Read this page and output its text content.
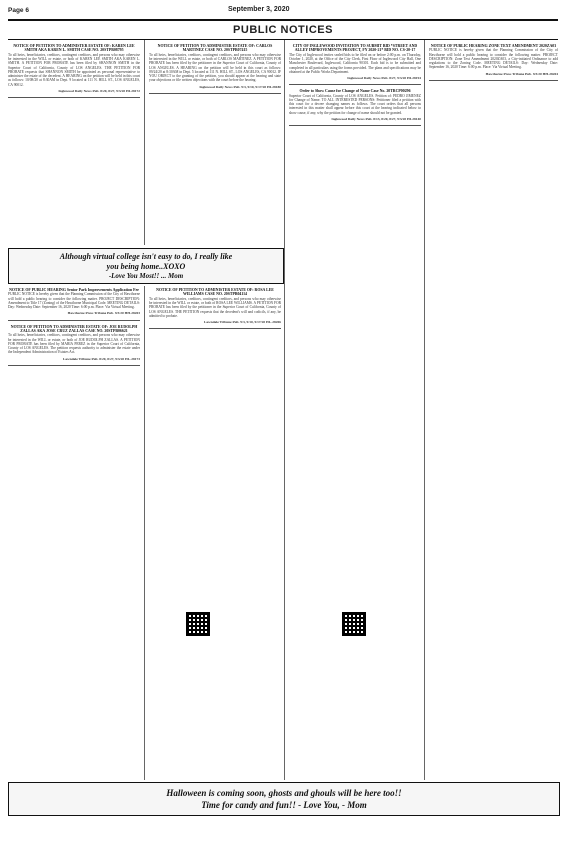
Page 6	September 3, 2020
PUBLIC NOTICES
NOTICE OF PETITION TO ADMINISTER ESTATE OF: KAREN LEE SMITH AKA KAREN L. SMITH CASE NO. 20STPB08795

To all heirs, beneficiaries, creditors, contingent creditors, and persons who may otherwise be interested in the WILL or estate, or both of KAREN LEE SMITH AKA KAREN L. SMITH. A PETITION FOR PROBATE has been filed by SHANNON SMITH in the Superior Court of California, County of LOS ANGELES. THE PETITION FOR PROBATE requests that SHANNON SMITH be appointed as personal representative to administer the estate of the decedent. A HEARING on the petition will be held in this court as follows: 10/08/20 at 8:30AM in Dept. 9 located at 111 N. HILL ST., LOS ANGELES, CA 90012.

Inglewood Daily News Pub. 8/20, 8/27, 9/3/20 HI-28172
NOTICE OF PETITION TO ADMINISTER ESTATE OF: CARLOS MARTINEZ CASE NO. 20STPB07415

To all heirs, beneficiaries, creditors, contingent creditors, and persons who may otherwise be interested in the WILL or estate, or both of CARLOS MARTINEZ. A PETITION FOR PROBATE has been filed by the petitioner in the Superior Court of California, County of LOS ANGELES. A HEARING on the petition will be held in this court as follows: 09/24/20 at 8:30AM in Dept. 5 located at 111 N. HILL ST., LOS ANGELES, CA 90012. IF YOU OBJECT to the granting of the petition, you should appear at the hearing and state your objections or file written objections with the court before the hearing.

Inglewood Daily News Pub. 9/3, 9/10, 9/17/20 HI-28180
Although virtual college isn't easy to do, I really like
you being home..XOXO
-Love You Most!! ... Mom
NOTICE OF PUBLIC HEARING Senior Park Improvements Application Fee

PUBLIC NOTICE is hereby given that the Planning Commission of the City of Hawthorne will hold a public hearing to consider the following matter. PROJECT DESCRIPTION: Amendment to Title 17 (Zoning) of the Hawthorne Municipal Code. MEETING DETAILS: Day: Wednesday Date: September 16, 2020 Time: 6:00 p.m. Place: Via Virtual Meeting.

Hawthorne Press Tribune Pub. 9/3/20 HH-28203
NOTICE OF PETITION TO ADMINISTER ESTATE OF: JOE RUDOLPH ZALLAS AKA JOSE CRUZ ZALLAS CASE NO. 20STPB06621

To all heirs, beneficiaries, creditors, contingent creditors, and persons who may otherwise be interested in the WILL or estate, or both of JOE RUDOLPH ZALLAS. A PETITION FOR PROBATE has been filed by MARIA PEREZ in the Superior Court of California, County of LOS ANGELES. The petition requests authority to administer the estate under the Independent Administration of Estates Act.

Lawndale Tribune Pub. 8/20, 8/27, 9/3/20 HL-28173
NOTICE OF PETITION TO ADMINISTER ESTATE OF: ROSA LEE WILLIAMS CASE NO. 20STPB04114

To all heirs, beneficiaries, creditors, contingent creditors, and persons who may otherwise be interested in the WILL or estate, or both of ROSA LEE WILLIAMS. A PETITION FOR PROBATE has been filed by the petitioner in the Superior Court of California, County of LOS ANGELES. THE PETITION requests that the decedent's will and codicils, if any, be admitted to probate.

Lawndale Tribune Pub. 9/3, 9/10, 9/17/20 HL-28206
CITY OF INGLEWOOD INVITATION TO SUBMIT BID *STREET AND ALLEY IMPROVEMENTS PROJECT, FY 2020-21* BID NO. CS-20-17

The City of Inglewood invites sealed bids to be filed on or before 2:00 p.m. on Thursday, October 1, 2020, at the Office of the City Clerk, First Floor of Inglewood City Hall, One Manchester Boulevard, Inglewood, California 90301. Each bid is to be submitted and completed in all particulars using the forms provided. The plans and specifications may be obtained at the Public Works Department.

Inglewood Daily News Pub. 8/27, 9/3/20 HI-28194
Order to Show Cause for Change of Name Case No. 20TRCP00296

Superior Court of California, County of LOS ANGELES. Petition of: PEDRO JIMENEZ for Change of Name. TO ALL INTERESTED PERSONS: Petitioner filed a petition with this court for a decree changing names as follows. The court orders that all persons interested in this matter shall appear before this court at the hearing indicated below to show cause, if any, why the petition for change of name should not be granted.

Inglewood Daily News Pub. 8/13, 8/20, 8/27, 9/3/20 HI-28140
NOTICE OF PUBLIC HEARING ZONE TEXT AMENDMENT 2020ZA03

PUBLIC NOTICE is hereby given that the Planning Commission of the City of Hawthorne will hold a public hearing to consider the following matter. PROJECT DESCRIPTION: Zone Text Amendment 2020ZA03, a City-initiated Ordinance to add regulations to the Zoning Code. MEETING DETAILS: Day: Wednesday Date: September 16, 2020 Time: 6:00 p.m. Place: Via Virtual Meeting.

Hawthorne Press Tribune Pub. 9/3/20 HH-28204
Halloween is coming soon, ghosts and ghouls will be here too!!
Time for candy and fun!! - Love You, - Mom
